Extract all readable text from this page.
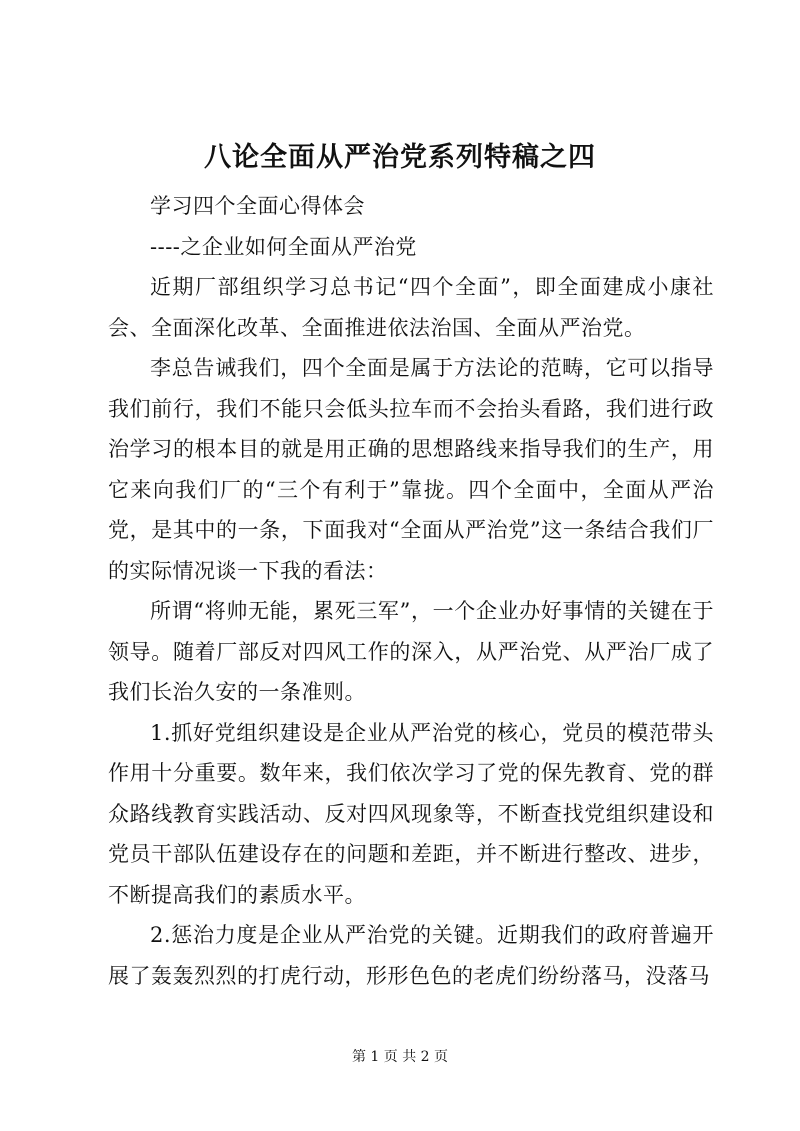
八论全面从严治党系列特稿之四

学习四个全面心得体会

----之企业如何全面从严治党

近期厂部组织学习总书记“四个全面”，即全面建成小康社会、全面深化改革、全面推进依法治国、全面从严治党。

李总告诫我们，四个全面是属于方法论的范畴，它可以指导我们前行，我们不能只会低头拉车而不会抬头看路，我们进行政治学习的根本目的就是用正确的思想路线来指导我们的生产，用它来向我们厂的“三个有利于”靠拢。四个全面中，全面从严治党，是其中的一条，下面我对“全面从严治党”这一条结合我们厂的实际情况谈一下我的看法：

所谓“将帅无能，累死三军”，一个企业办好事情的关键在于领导。随着厂部反对四风工作的深入，从严治党、从严治厂成了我们长治久安的一条准则。

1.抓好党组织建设是企业从严治党的核心，党员的模范带头作用十分重要。数年来，我们依次学习了党的保先教育、党的群众路线教育实践活动、反对四风现象等，不断查找党组织建设和党员干部队伍建设存在的问题和差距，并不断进行整改、进步，不断提高我们的素质水平。

2.惩治力度是企业从严治党的关键。近期我们的政府普遍开展了轰轰烈烈的打虎行动，形形色色的老虎们纷纷落马，没落马

第 1 页 共 2 页
